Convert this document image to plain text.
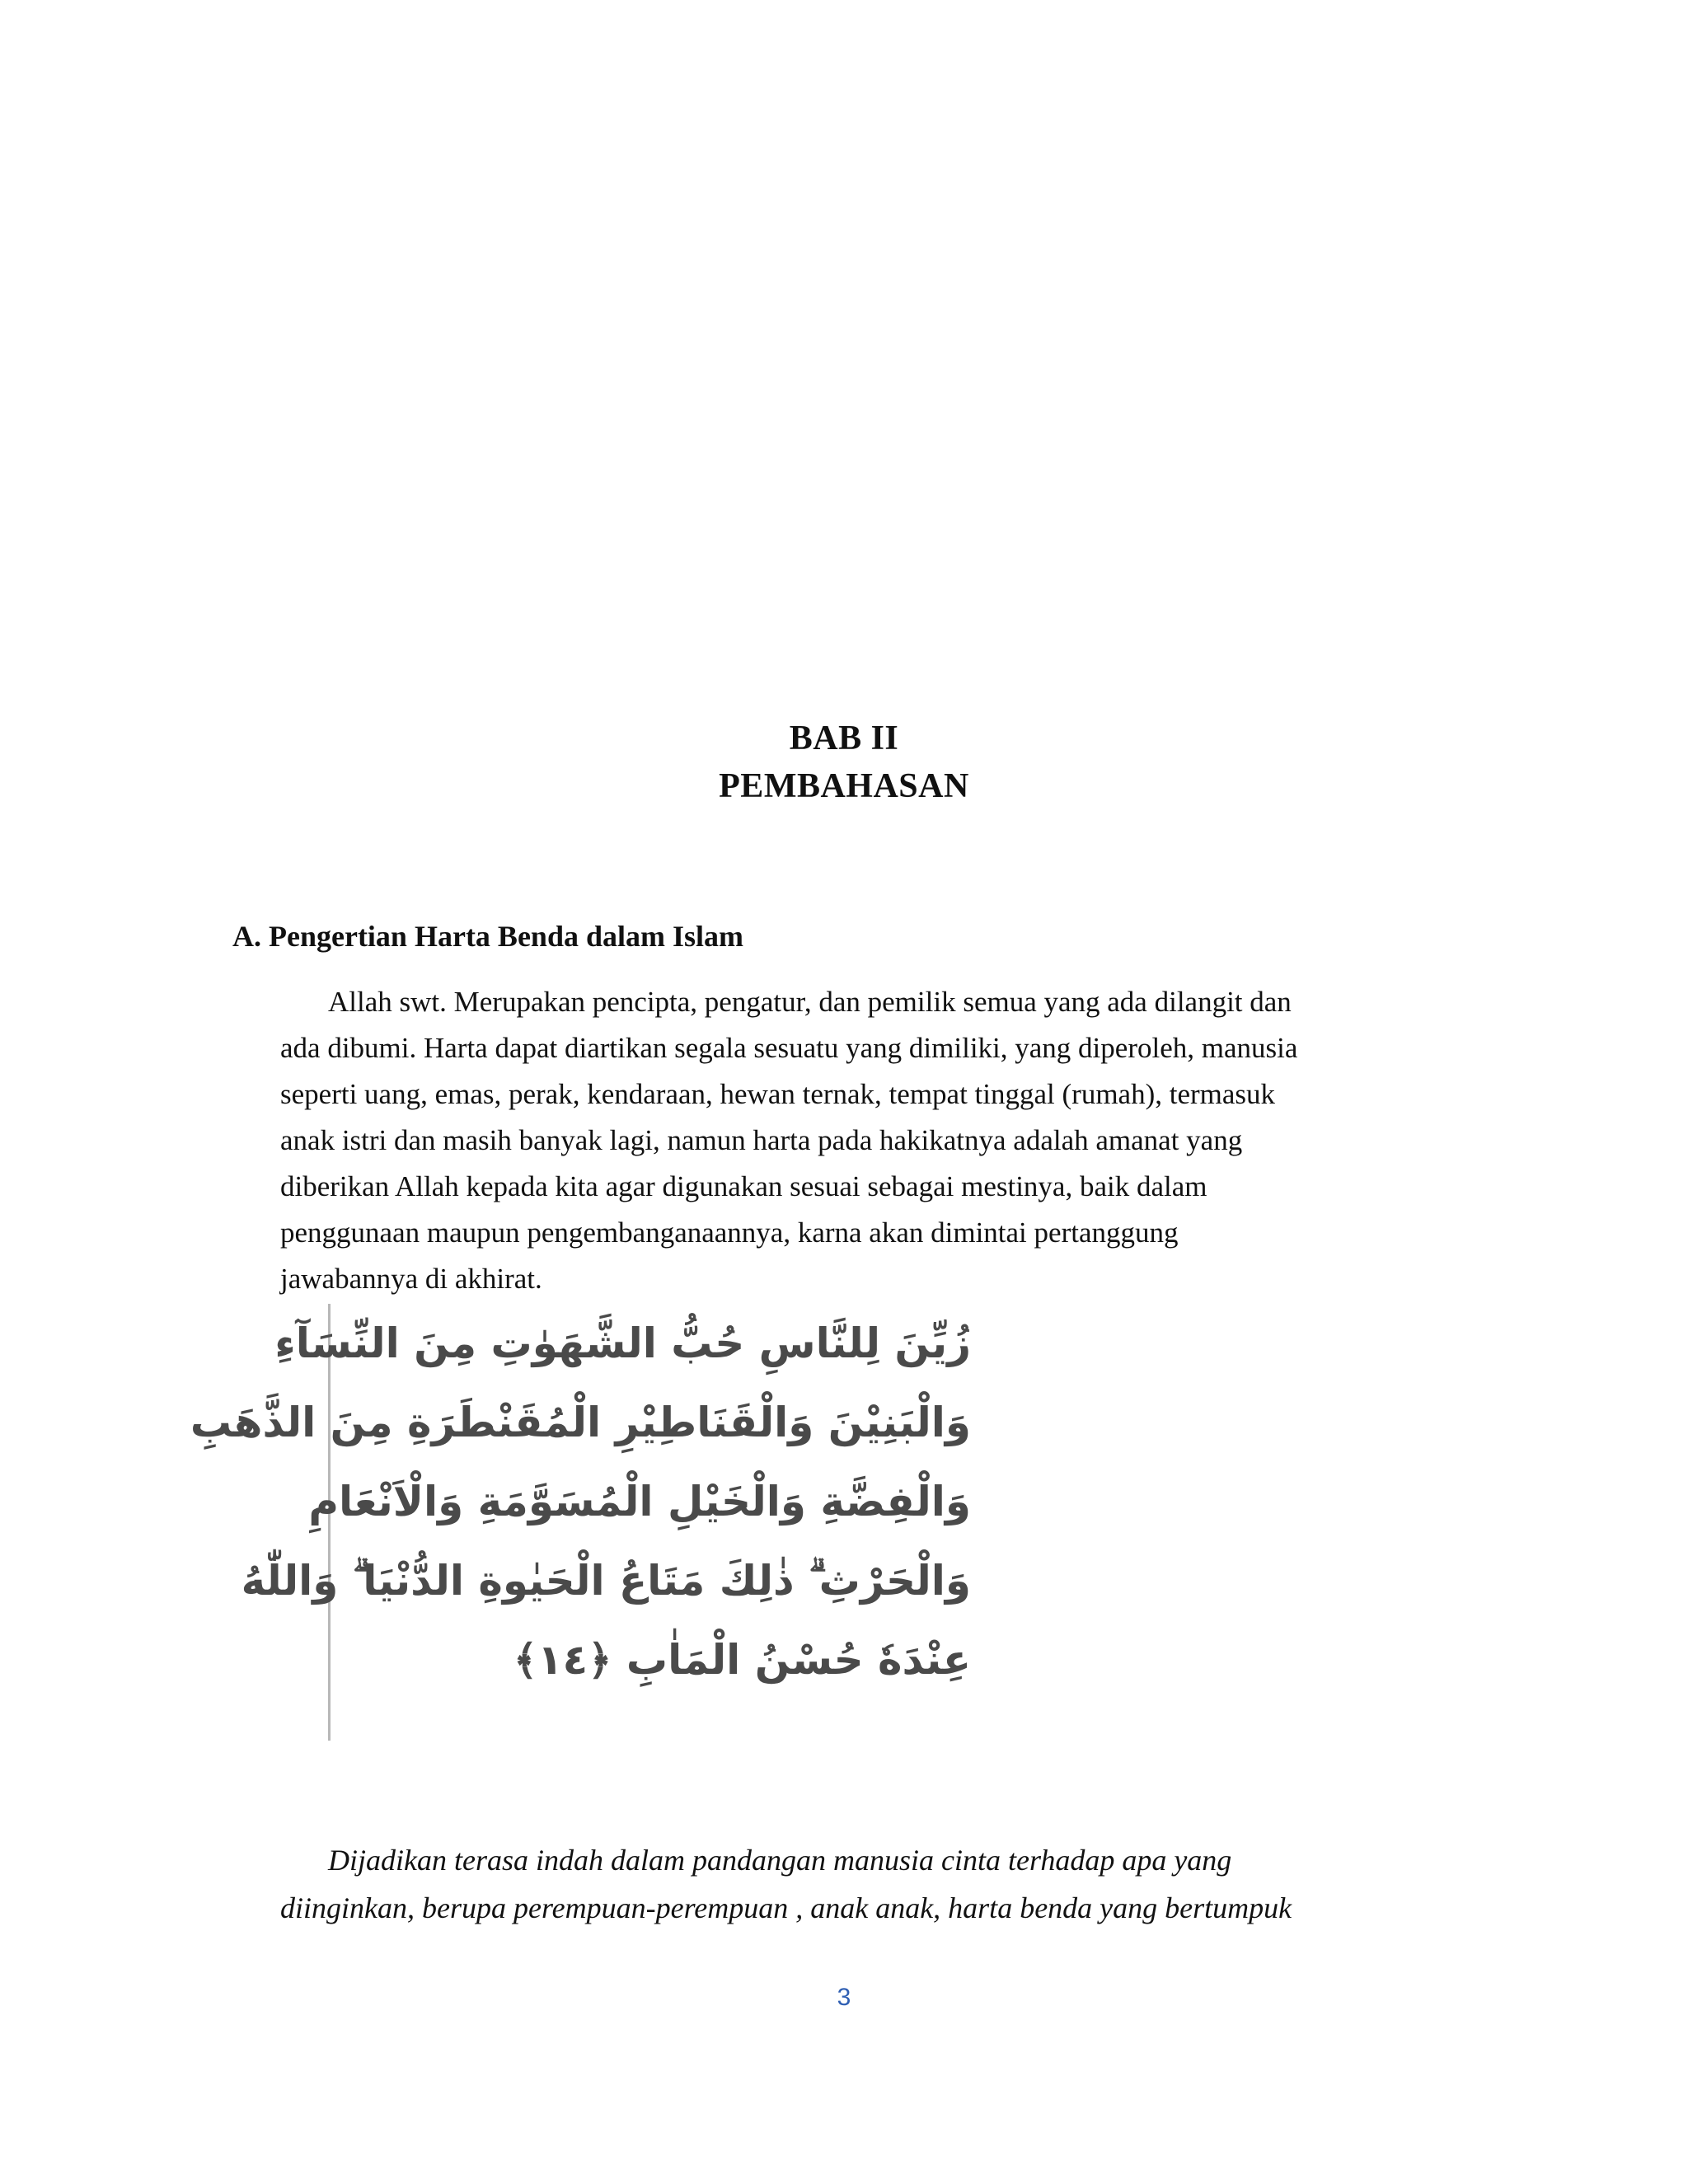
BAB II
PEMBAHASAN
A. Pengertian Harta Benda dalam Islam
Allah swt. Merupakan pencipta, pengatur, dan pemilik semua yang ada dilangit dan
ada dibumi. Harta dapat diartikan segala sesuatu yang dimiliki, yang diperoleh, manusia
seperti uang, emas, perak, kendaraan, hewan ternak, tempat tinggal (rumah), termasuk
anak istri dan masih banyak lagi, namun harta pada hakikatnya adalah amanat yang
diberikan Allah kepada kita agar digunakan sesuai sebagai mestinya, baik dalam
penggunaan maupun pengembanganaannya, karna akan dimintai pertanggung
jawabannya di akhirat.
زُيِّنَ لِلنَّاسِ حُبُّ الشَّهَوٰتِ مِنَ النِّسَآءِ
وَالْبَنِيْنَ وَالْقَنَاطِيْرِ الْمُقَنْطَرَةِ مِنَ الذَّهَبِ
وَالْفِضَّةِ وَالْخَيْلِ الْمُسَوَّمَةِ وَالْاَنْعَامِ
وَالْحَرْثِ ۗ ذٰلِكَ مَتَاعُ الْحَيٰوةِ الدُّنْيَا ۗ وَاللّٰهُ
عِنْدَهٗ حُسْنُ الْمَاٰبِ ﴿١٤﴾
Dijadikan terasa indah dalam pandangan manusia cinta terhadap apa yang
diinginkan, berupa perempuan-perempuan , anak anak, harta benda yang bertumpuk
3
